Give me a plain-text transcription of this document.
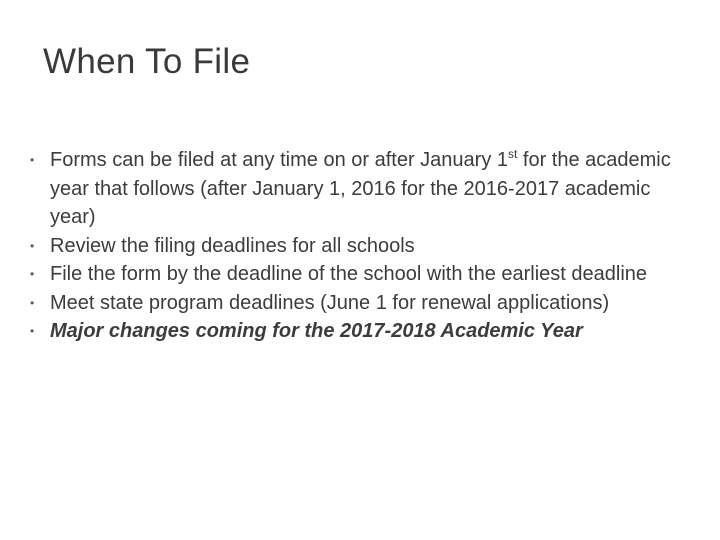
When To File
• Forms can be filed at any time on or after January 1st for the academic year that follows (after January 1, 2016 for the 2016-2017 academic year)
• Review the filing deadlines for all schools
• File the form by the deadline of the school with the earliest deadline
• Meet state program deadlines (June 1 for renewal applications)
• Major changes coming for the 2017-2018 Academic Year
